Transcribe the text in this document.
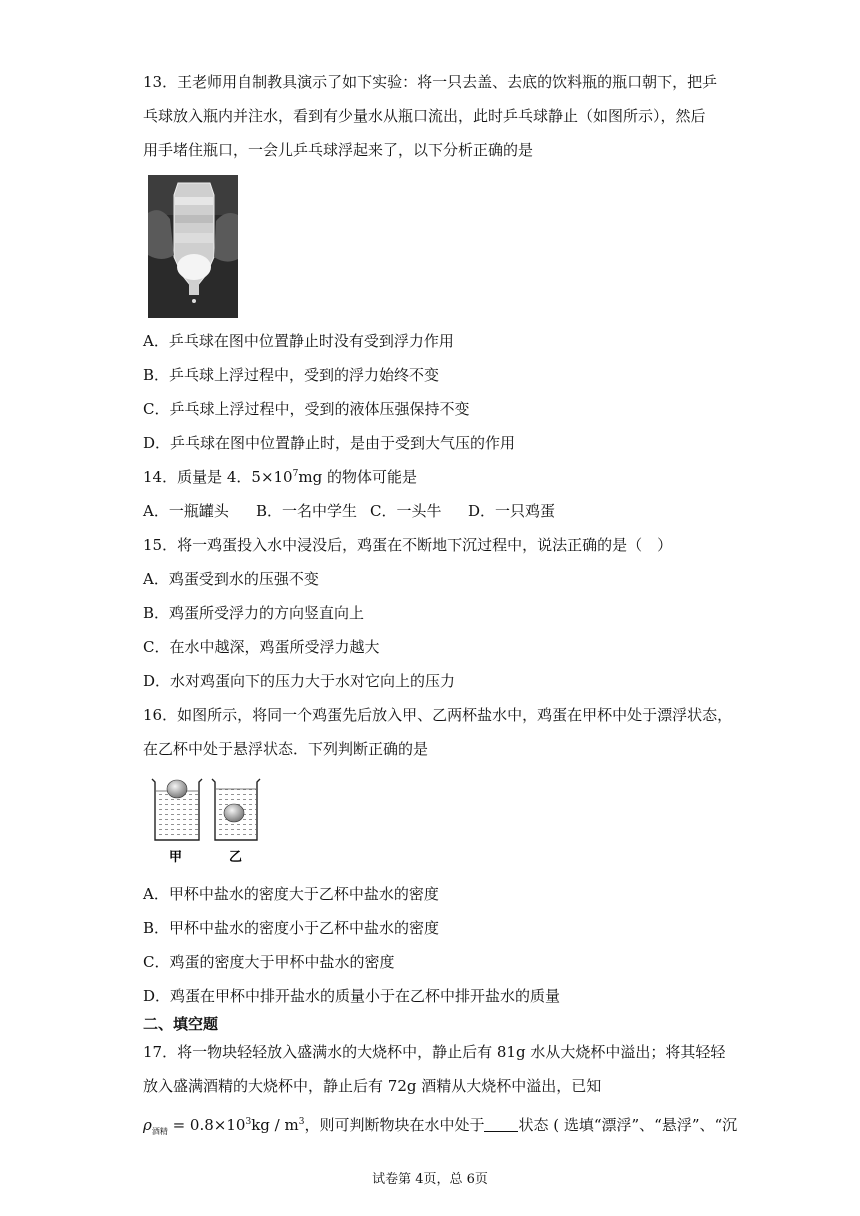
13．王老师用自制教具演示了如下实验：将一只去盖、去底的饮料瓶的瓶口朝下，把乒
乓球放入瓶内并注水，看到有少量水从瓶口流出，此时乒乓球静止（如图所示），然后
用手堵住瓶口，一会儿乒乓球浮起来了，以下分析正确的是
A．乒乓球在图中位置静止时没有受到浮力作用
B．乒乓球上浮过程中，受到的浮力始终不变
C．乒乓球上浮过程中，受到的液体压强保持不变
D．乒乓球在图中位置静止时，是由于受到大气压的作用
14．质量是 4．$5\times 10^7mg$ 的物体可能是
A．一瓶罐头 B．一名中学生 C．一头牛 D．一只鸡蛋
15．将一鸡蛋投入水中浸没后，鸡蛋在不断地下沉过程中，说法正确的是（　）
A．鸡蛋受到水的压强不变
B．鸡蛋所受浮力的方向竖直向上
C．在水中越深，鸡蛋所受浮力越大
D．水对鸡蛋向下的压力大于水对它向上的压力
16．如图所示，将同一个鸡蛋先后放入甲、乙两杯盐水中，鸡蛋在甲杯中处于漂浮状态，
在乙杯中处于悬浮状态．下列判断正确的是
甲	乙
A．甲杯中盐水的密度大于乙杯中盐水的密度
B．甲杯中盐水的密度小于乙杯中盐水的密度
C．鸡蛋的密度大于甲杯中盐水的密度
D．鸡蛋在甲杯中排开盐水的质量小于在乙杯中排开盐水的质量
二、填空题
17．将一物块轻轻放入盛满水的大烧杯中，静止后有 81g 水从大烧杯中溢出；将其轻轻
放入盛满酒精的大烧杯中，静止后有 72g 酒精从大烧杯中溢出，已知
$\rho_{酒精} = 0.8\times 10^3kg / m^3$，则可判断物块在水中处于 状态 ( 选填“漂浮”、“悬浮”、“沉
试卷第 4页，总 6页
